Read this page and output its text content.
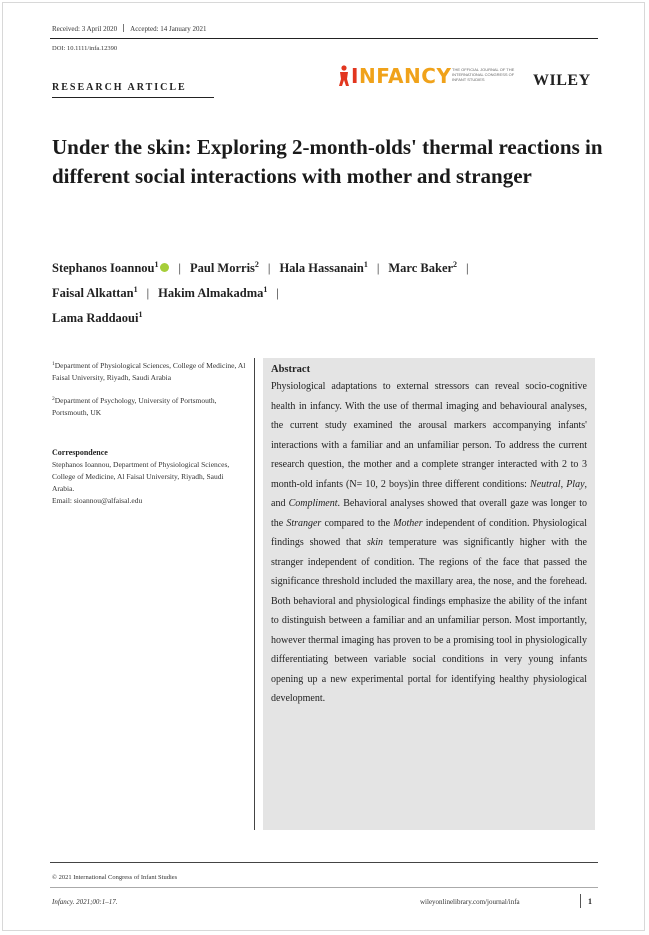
Received: 3 April 2020 Accepted: 14 January 2021
DOI: 10.1111/infa.12390
RESEARCH ARTICLE	INFANCY THE OFFICIAL JOURNAL OF THE INTERNATIONAL CONGRESS OF INFANT STUDIES	WILEY
Under the skin: Exploring 2-month-olds' thermal reactions in different social interactions with mother and stranger
Stephanos Ioannou$^1$ | Paul Morris$^2$ | Hala Hassanain$^1$ | Marc Baker$^2$ |
Faisal Alkattan$^1$ | Hakim Almakadma$^1$ |
Lama Raddaoui$^1$

$^1$Department of Physiological Sciences, College of Medicine, Al Faisal University, Riyadh, Saudi Arabia

$^2$Department of Psychology, University of Portsmouth, Portsmouth, UK

Correspondence
Stephanos Ioannou, Department of Physiological Sciences, College of Medicine, Al Faisal University, Riyadh, Saudi Arabia.
Email: sioannou@alfaisal.edu
Abstract
Physiological adaptations to external stressors can reveal socio-cognitive health in infancy. With the use of thermal imaging and behavioural analyses, the current study examined the arousal markers accompanying infants' interactions with a familiar and an unfamiliar person. To address the current research question, the mother and a complete stranger interacted with 2 to 3 month-old infants (N= 10, 2 boys)in three different conditions: Neutral, Play, and Compliment. Behavioral analyses showed that overall gaze was longer to the Stranger compared to the Mother independent of condition. Physiological findings showed that skin temperature was significantly higher with the stranger independent of condition. The regions of the face that passed the significance threshold included the maxillary area, the nose, and the forehead. Both behavioral and physiological findings emphasize the ability of the infant to distinguish between a familiar and an unfamiliar person. Most importantly, however thermal imaging has proven to be a promising tool in physiologically differentiating between variable social conditions in very young infants opening up a new experimental portal for identifying healthy physiological development.
© 2021 International Congress of Infant Studies
Infancy. 2021;00:1–17.	wileyonlinelibrary.com/journal/infa	1
